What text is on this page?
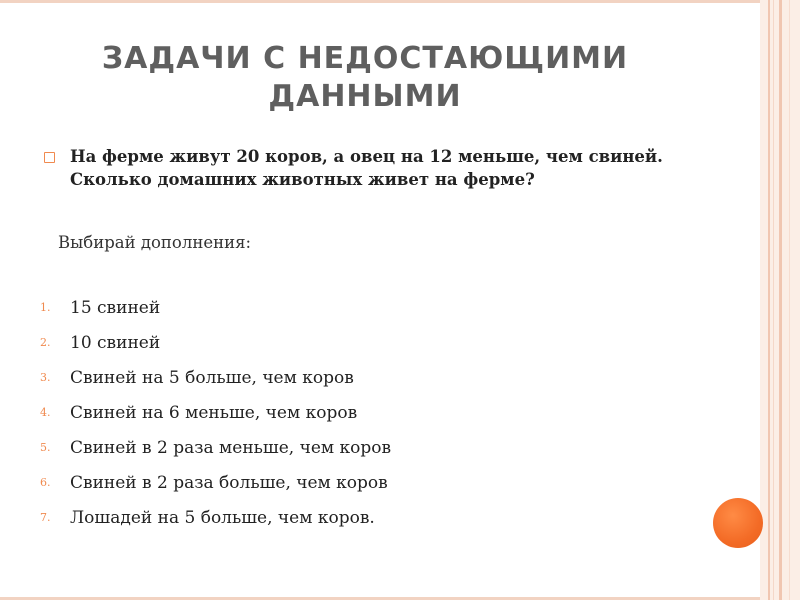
ЗАДАЧИ С НЕДОСТАЮЩИМИ ДАННЫМИ
На ферме живут 20 коров, а овец на 12 меньше, чем свиней. Сколько домашних животных живет на ферме?
Выбирай дополнения:
1.	15 свиней
2.	10 свиней
3.	Свиней на 5 больше, чем коров
4.	Свиней на 6 меньше, чем коров
5.	Свиней в 2 раза меньше, чем коров
6.	Свиней в 2 раза больше, чем коров
7.	Лошадей на 5 больше, чем коров.
